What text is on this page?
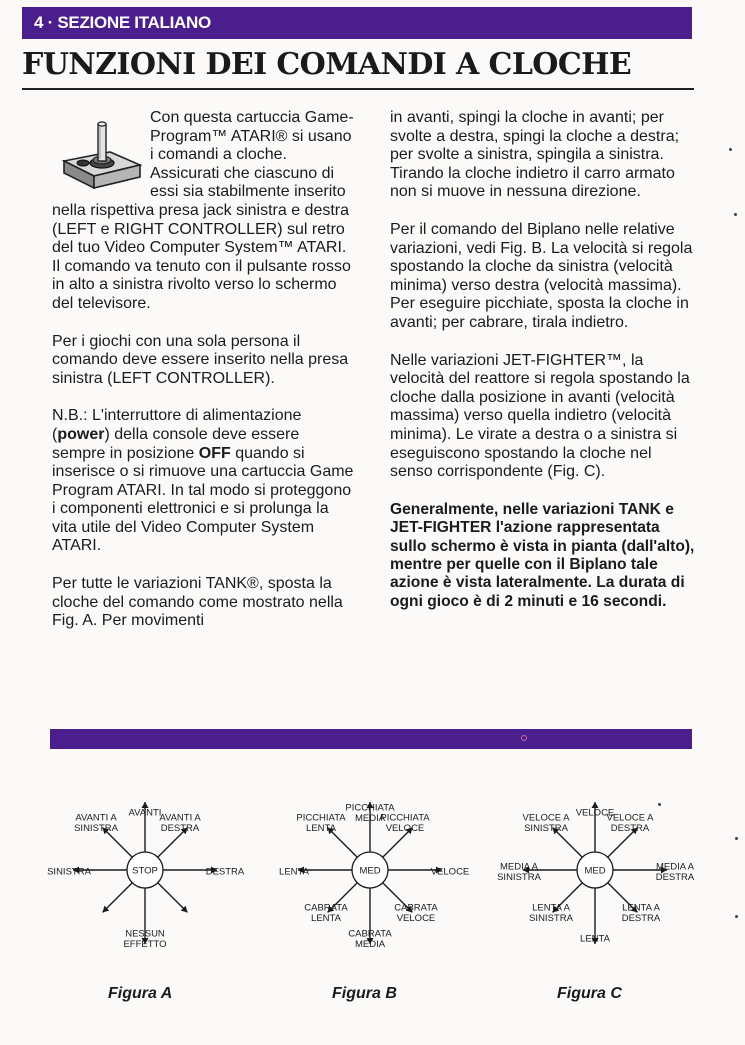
4 · SEZIONE ITALIANO
FUNZIONI DEI COMANDI A CLOCHE

Con questa cartuccia Game-Program™ ATARI® si usano i comandi a cloche. Assicurati che ciascuno di essi sia stabilmente inserito nella rispettiva presa jack sinistra e destra (LEFT e RIGHT CONTROLLER) sul retro del tuo Video Computer System™ ATARI. Il comando va tenuto con il pulsante rosso in alto a sinistra rivolto verso lo schermo del televisore.

Per i giochi con una sola persona il comando deve essere inserito nella presa sinistra (LEFT CONTROLLER).

N.B.: L'interruttore di alimentazione (power) della console deve essere sempre in posizione OFF quando si inserisce o si rimuove una cartuccia Game Program ATARI. In tal modo si proteggono i componenti elettronici e si prolunga la vita utile del Video Computer System ATARI.

Per tutte le variazioni TANK®, sposta la cloche del comando come mostrato nella Fig. A. Per movimenti

in avanti, spingi la cloche in avanti; per svolte a destra, spingi la cloche a destra; per svolte a sinistra, spingila a sinistra. Tirando la cloche indietro il carro armato non si muove in nessuna direzione.

Per il comando del Biplano nelle relative variazioni, vedi Fig. B. La velocità si regola spostando la cloche da sinistra (velocità minima) verso destra (velocità massima). Per eseguire picchiate, sposta la cloche in avanti; per cabrare, tirala indietro.

Nelle variazioni JET-FIGHTER™, la velocità del reattore si regola spostando la cloche dalla posizione in avanti (velocità massima) verso quella indietro (velocità minima). Le virate a destra o a sinistra si eseguiscono spostando la cloche nel senso corrispondente (Fig. C).

Generalmente, nelle variazioni TANK e JET-FIGHTER l'azione rappresentata sullo schermo è vista in pianta (dall'alto), mentre per quelle con il Biplano tale azione è vista lateralmente. La durata di ogni gioco è di 2 minuti e 16 secondi.

AVANTI
AVANTI A
SINISTRA
AVANTI A
DESTRA
SINISTRA	DESTRA
NESSUN
EFFETTO
STOP
PICCHIATA
MEDIA
PICCHIATA
LENTA
PICCHIATA
VELOCE
LENTA	VELOCE
CABRATA
LENTA
CABRATA
VELOCE
CABRATA
MEDIA
MED
VELOCE
VELOCE A
SINISTRA
VELOCE A
DESTRA
MEDIA A
SINISTRA
MEDIA A
DESTRA
LENTA A
SINISTRA
LENTA A
DESTRA
LENTA
MED
Figura A	Figura B	Figura C
